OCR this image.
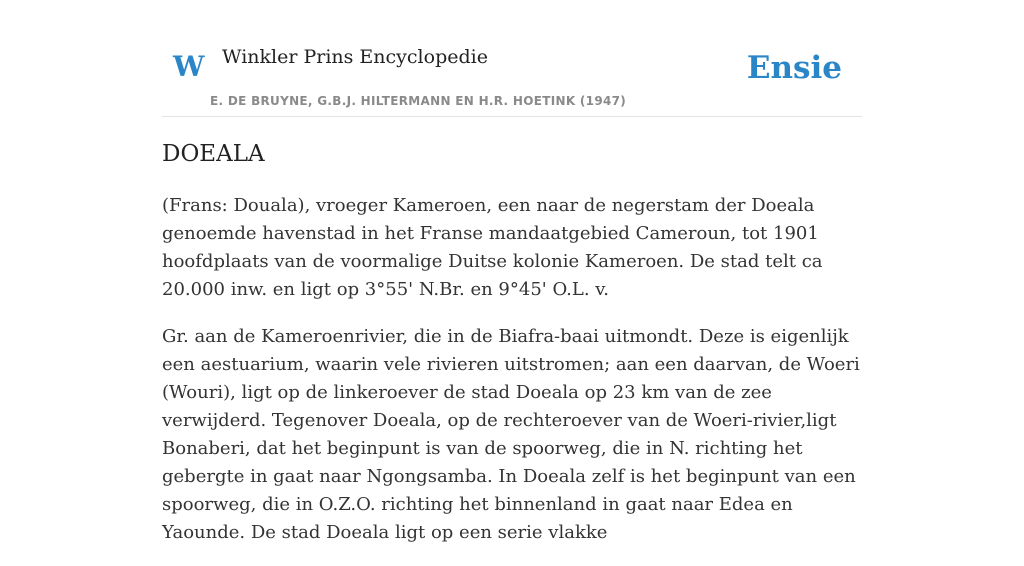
W Winkler Prins Encyclopedie	Ensie
E. DE BRUYNE, G.B.J. HILTERMANN EN H.R. HOETINK (1947)
DOEALA

(Frans: Douala), vroeger Kameroen, een naar de negerstam der Doeala genoemde havenstad in het Franse mandaatgebied Cameroun, tot 1901 hoofdplaats van de voormalige Duitse kolonie Kameroen. De stad telt ca 20.000 inw. en ligt op 3°55' N.Br. en 9°45' O.L. v.

Gr. aan de Kameroenrivier, die in de Biafra-baai uitmondt. Deze is eigenlijk een aestuarium, waarin vele rivieren uitstromen; aan een daarvan, de Woeri (Wouri), ligt op de linkeroever de stad Doeala op 23 km van de zee verwijderd. Tegenover Doeala, op de rechteroever van de Woeri-rivier,ligt Bonaberi, dat het beginpunt is van de spoorweg, die in N. richting het gebergte in gaat naar Ngongsamba. In Doeala zelf is het beginpunt van een spoorweg, die in O.Z.O. richting het binnenland in gaat naar Edea en Yaounde. De stad Doeala ligt op een serie vlakke
